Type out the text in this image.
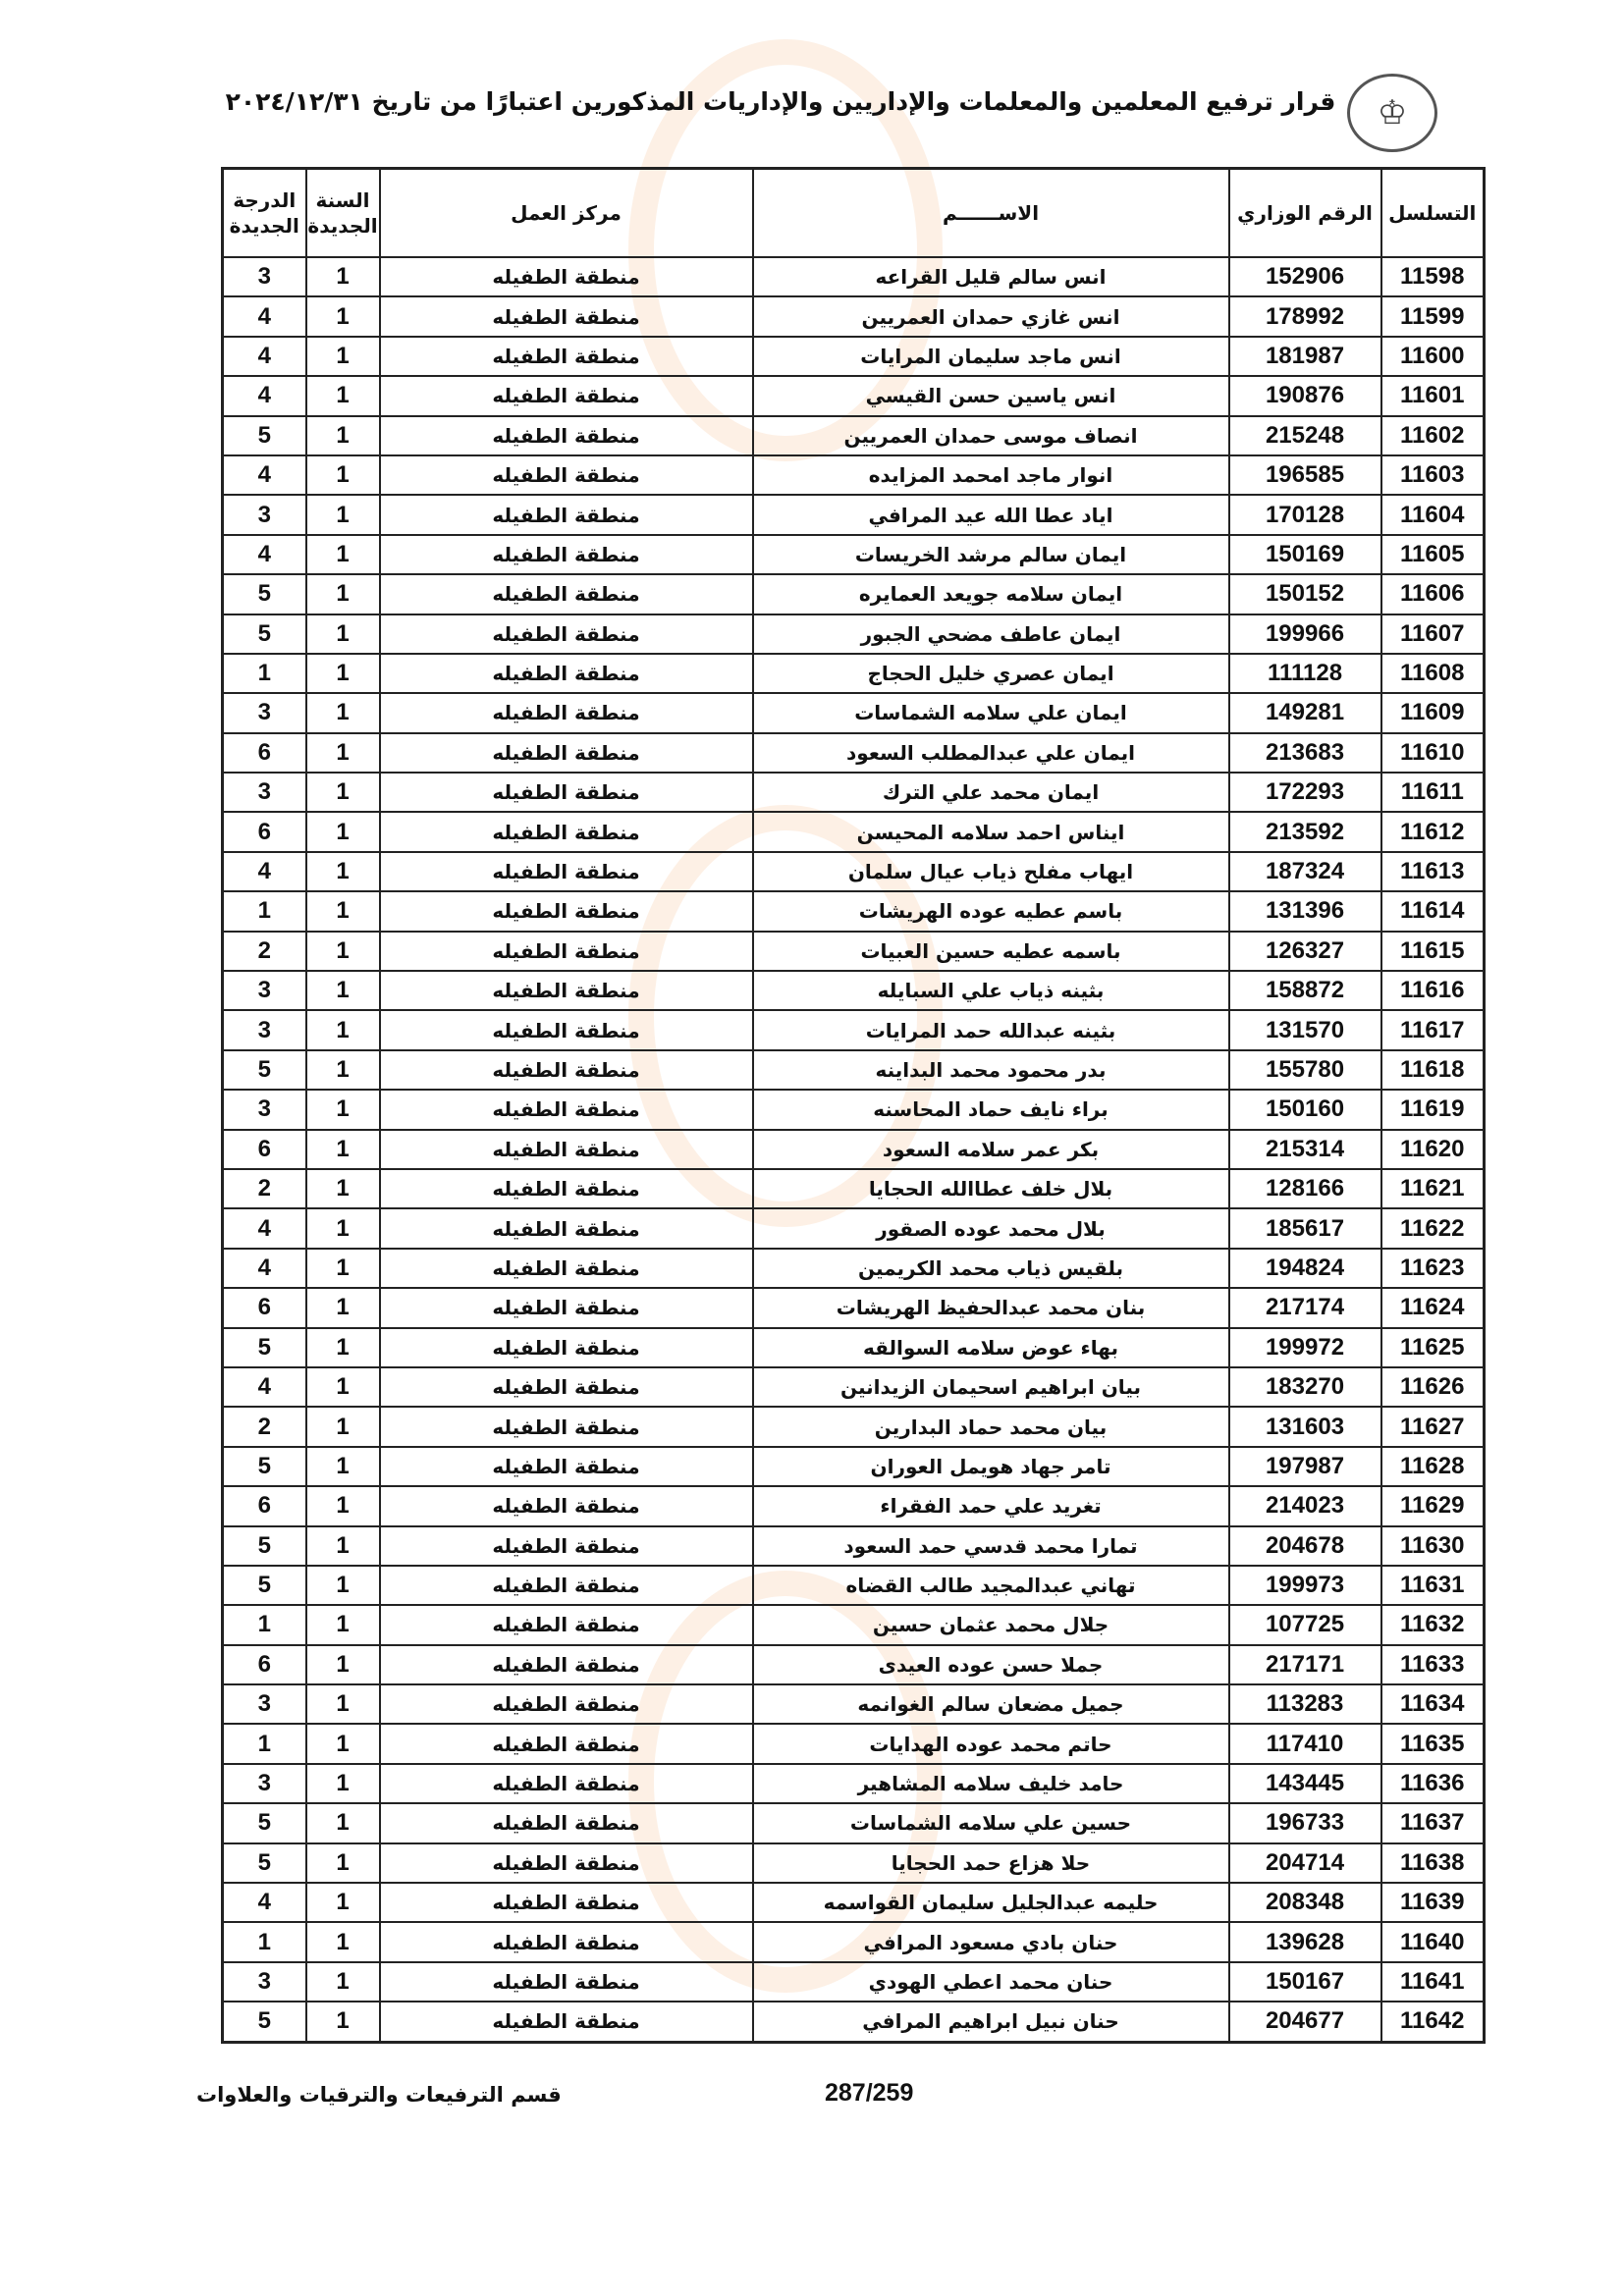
♔
قرار ترفيع المعلمين والمعلمات والإداريين والإداريات المذكورين اعتبارًا من تاريخ ٢٠٢٤/١٢/٣١
التسلسل	الرقم الوزاري	الاســــــم	مركز العمل	السنة الجديدة	الدرجة الجديدة
11598	152906	انس سالم قليل القراعه	منطقة الطفيله	1	3
11599	178992	انس غازي حمدان العمريين	منطقة الطفيله	1	4
11600	181987	انس ماجد سليمان المرايات	منطقة الطفيله	1	4
11601	190876	انس ياسين حسن القيسي	منطقة الطفيله	1	4
11602	215248	انصاف موسى حمدان العمريين	منطقة الطفيله	1	5
11603	196585	انوار ماجد امحمد المزايده	منطقة الطفيله	1	4
11604	170128	اياد عطا الله عيد المرافي	منطقة الطفيله	1	3
11605	150169	ايمان سالم مرشد الخريسات	منطقة الطفيله	1	4
11606	150152	ايمان سلامه جويعد العمايره	منطقة الطفيله	1	5
11607	199966	ايمان عاطف مضحي الجبور	منطقة الطفيله	1	5
11608	111128	ايمان عصري خليل الحجاج	منطقة الطفيله	1	1
11609	149281	ايمان علي سلامه الشماسات	منطقة الطفيله	1	3
11610	213683	ايمان علي عبدالمطلب السعود	منطقة الطفيله	1	6
11611	172293	ايمان محمد علي الترك	منطقة الطفيله	1	3
11612	213592	ايناس احمد سلامه المحيسن	منطقة الطفيله	1	6
11613	187324	ايهاب مفلح ذياب عيال سلمان	منطقة الطفيله	1	4
11614	131396	باسم عطيه عوده الهريشات	منطقة الطفيله	1	1
11615	126327	باسمه عطيه حسين العبيات	منطقة الطفيله	1	2
11616	158872	بثينه ذياب علي السبايله	منطقة الطفيله	1	3
11617	131570	بثينه عبدالله حمد المرايات	منطقة الطفيله	1	3
11618	155780	بدر محمود محمد البداينه	منطقة الطفيله	1	5
11619	150160	براء نايف حماد المحاسنه	منطقة الطفيله	1	3
11620	215314	بكر عمر سلامه السعود	منطقة الطفيله	1	6
11621	128166	بلال خلف عطاالله الحجايا	منطقة الطفيله	1	2
11622	185617	بلال محمد عوده الصقور	منطقة الطفيله	1	4
11623	194824	بلقيس ذياب محمد الكريمين	منطقة الطفيله	1	4
11624	217174	بنان محمد عبدالحفيظ الهريشات	منطقة الطفيله	1	6
11625	199972	بهاء عوض سلامه السوالقه	منطقة الطفيله	1	5
11626	183270	بيان ابراهيم اسحيمان الزيدانين	منطقة الطفيله	1	4
11627	131603	بيان محمد حماد البدارين	منطقة الطفيله	1	2
11628	197987	تامر جهاد هويمل العوران	منطقة الطفيله	1	5
11629	214023	تغريد علي حمد الفقراء	منطقة الطفيله	1	6
11630	204678	تمارا محمد قدسي حمد السعود	منطقة الطفيله	1	5
11631	199973	تهاني عبدالمجيد طالب القضاه	منطقة الطفيله	1	5
11632	107725	جلال محمد عثمان حسين	منطقة الطفيله	1	1
11633	217171	جملا حسن عوده العيدى	منطقة الطفيله	1	6
11634	113283	جميل مضعان سالم الغوانمه	منطقة الطفيله	1	3
11635	117410	حاتم محمد عوده الهدايات	منطقة الطفيله	1	1
11636	143445	حامد خليف سلامه المشاهير	منطقة الطفيله	1	3
11637	196733	حسين علي سلامه الشماسات	منطقة الطفيله	1	5
11638	204714	حلا هزاع حمد الحجايا	منطقة الطفيله	1	5
11639	208348	حليمه عبدالجليل سليمان القواسمه	منطقة الطفيله	1	4
11640	139628	حنان بادي مسعود المرافي	منطقة الطفيله	1	1
11641	150167	حنان محمد اعطي الهودي	منطقة الطفيله	1	3
11642	204677	حنان نبيل ابراهيم المرافي	منطقة الطفيله	1	5
287/259
قسم الترفيعات والترقيات والعلاوات
